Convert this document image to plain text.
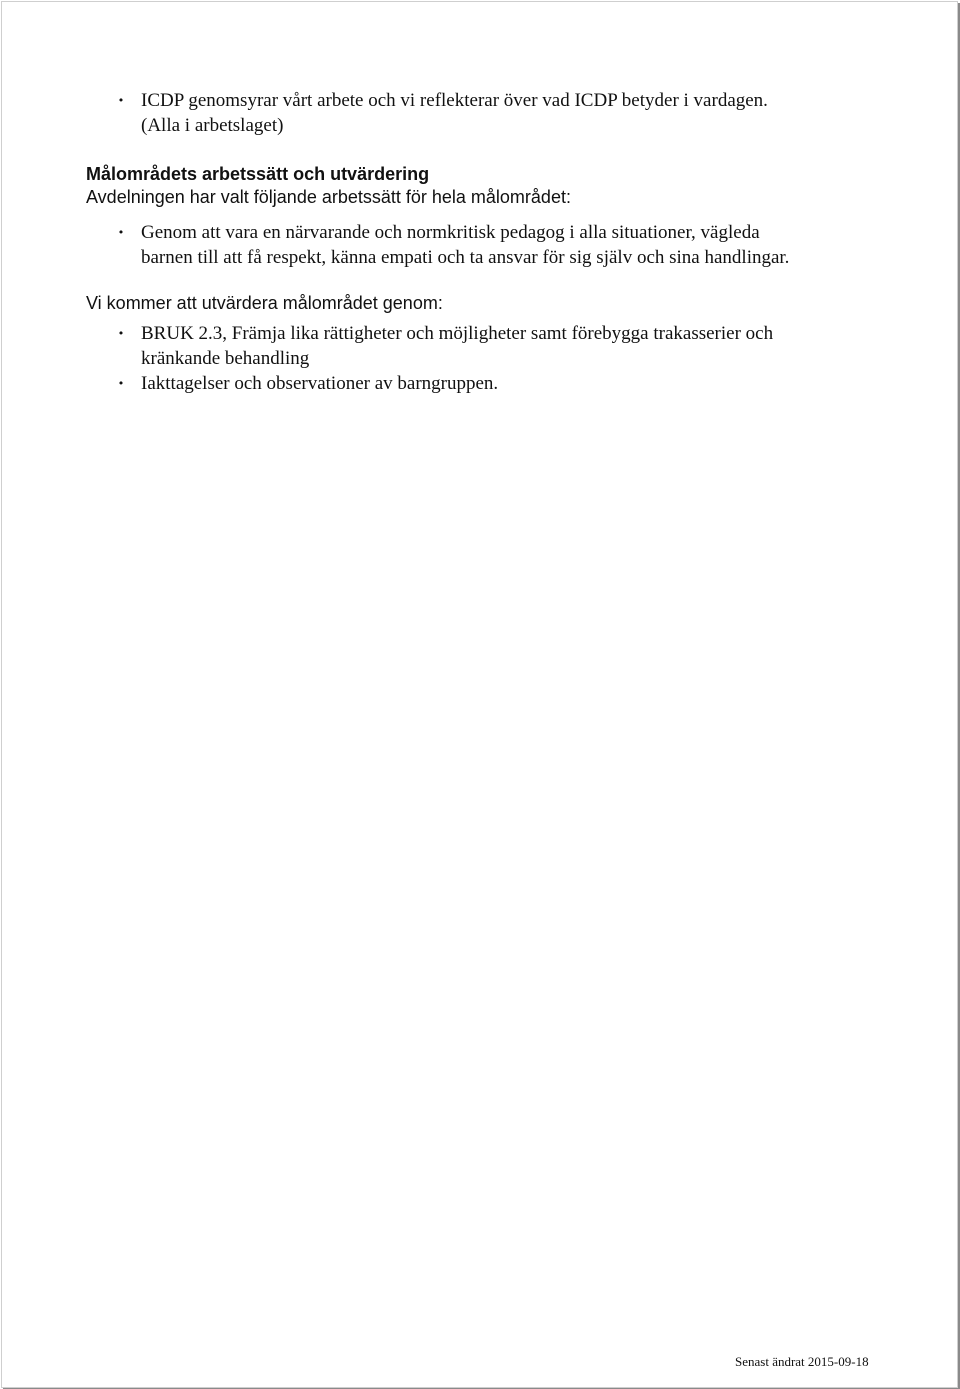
• ICDP genomsyrar vårt arbete och vi reflekterar över vad ICDP betyder i vardagen.
(Alla i arbetslaget)
Målområdets arbetssätt och utvärdering
Avdelningen har valt följande arbetssätt för hela målområdet:
• Genom att vara en närvarande och normkritisk pedagog i alla situationer, vägleda
barnen till att få respekt, känna empati och ta ansvar för sig själv och sina handlingar.
Vi kommer att utvärdera målområdet genom:
• BRUK 2.3, Främja lika rättigheter och möjligheter samt förebygga trakasserier och
kränkande behandling
• Iakttagelser och observationer av barngruppen.
Senast ändrat 2015-09-18
